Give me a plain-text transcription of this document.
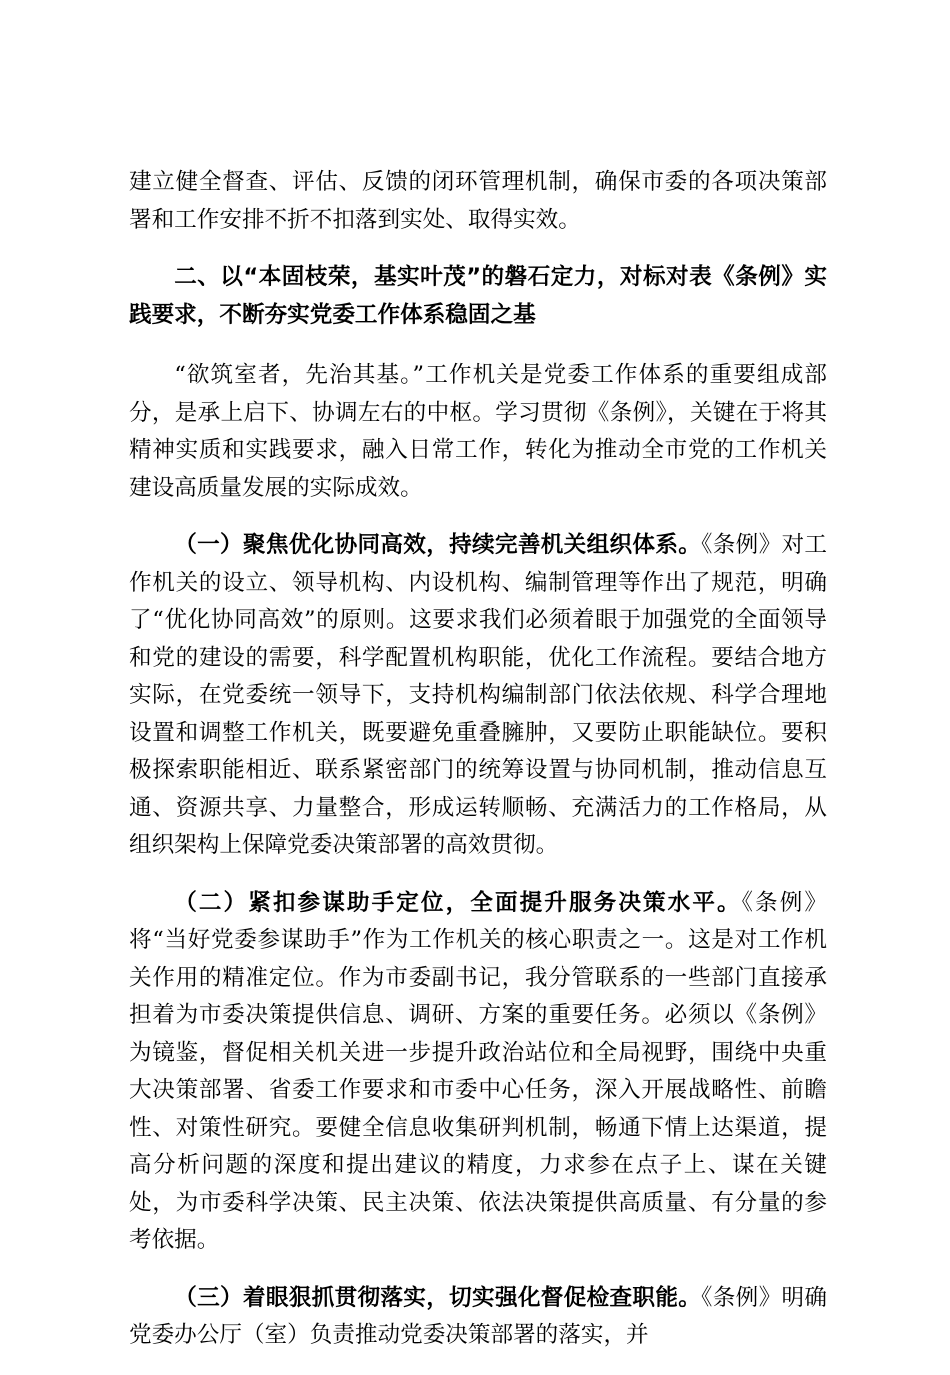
建立健全督查、评估、反馈的闭环管理机制，确保市委的各项决策部署和工作安排不折不扣落到实处、取得实效。

二、以“本固枝荣，基实叶茂”的磐石定力，对标对表《条例》实践要求，不断夯实党委工作体系稳固之基

“欲筑室者，先治其基。”工作机关是党委工作体系的重要组成部分，是承上启下、协调左右的中枢。学习贯彻《条例》，关键在于将其精神实质和实践要求，融入日常工作，转化为推动全市党的工作机关建设高质量发展的实际成效。

（一）聚焦优化协同高效，持续完善机关组织体系。《条例》对工作机关的设立、领导机构、内设机构、编制管理等作出了规范，明确了“优化协同高效”的原则。这要求我们必须着眼于加强党的全面领导和党的建设的需要，科学配置机构职能，优化工作流程。要结合地方实际，在党委统一领导下，支持机构编制部门依法依规、科学合理地设置和调整工作机关，既要避免重叠臃肿，又要防止职能缺位。要积极探索职能相近、联系紧密部门的统筹设置与协同机制，推动信息互通、资源共享、力量整合，形成运转顺畅、充满活力的工作格局，从组织架构上保障党委决策部署的高效贯彻。

（二）紧扣参谋助手定位，全面提升服务决策水平。《条例》将“当好党委参谋助手”作为工作机关的核心职责之一。这是对工作机关作用的精准定位。作为市委副书记，我分管联系的一些部门直接承担着为市委决策提供信息、调研、方案的重要任务。必须以《条例》为镜鉴，督促相关机关进一步提升政治站位和全局视野，围绕中央重大决策部署、省委工作要求和市委中心任务，深入开展战略性、前瞻性、对策性研究。要健全信息收集研判机制，畅通下情上达渠道，提高分析问题的深度和提出建议的精度，力求参在点子上、谋在关键处，为市委科学决策、民主决策、依法决策提供高质量、有分量的参考依据。

（三）着眼狠抓贯彻落实，切实强化督促检查职能。《条例》明确党委办公厅（室）负责推动党委决策部署的落实，并
